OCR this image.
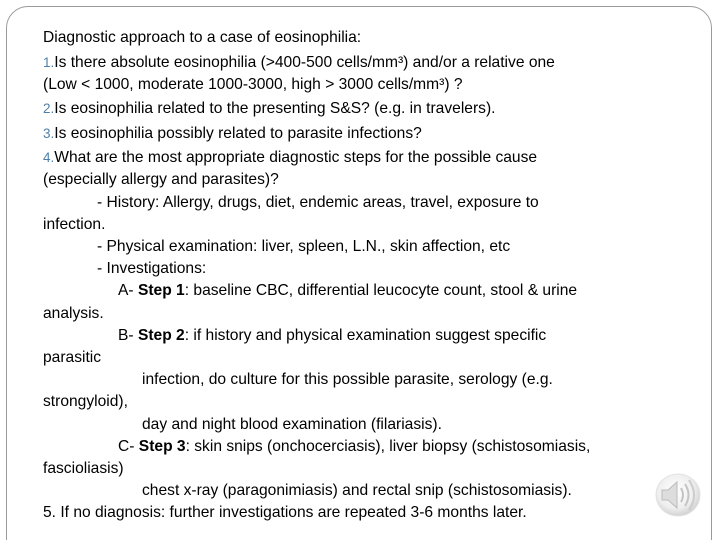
Diagnostic approach to a case of eosinophilia:
1.Is there absolute eosinophilia (>400-500 cells/mm³) and/or a relative one
(Low < 1000, moderate 1000-3000, high > 3000 cells/mm³) ?
2.Is eosinophilia related to the presenting S&S? (e.g. in travelers).
3.Is eosinophilia possibly related to parasite infections?
4.What are the most appropriate diagnostic steps for the possible cause
(especially allergy and parasites)?
- History: Allergy, drugs, diet, endemic areas, travel, exposure to
infection.
- Physical examination: liver, spleen, L.N., skin affection, etc
- Investigations:
A- Step 1: baseline CBC, differential leucocyte count, stool & urine
analysis.
B- Step 2: if history and physical examination suggest specific
parasitic
infection, do culture for this possible parasite, serology (e.g.
strongyloid),
day and night blood examination (filariasis).
C- Step 3: skin snips (onchocerciasis), liver biopsy (schistosomiasis,
fascioliasis)
chest x-ray (paragonimiasis) and rectal snip (schistosomiasis).
5. If no diagnosis: further investigations are repeated 3-6 months later.
